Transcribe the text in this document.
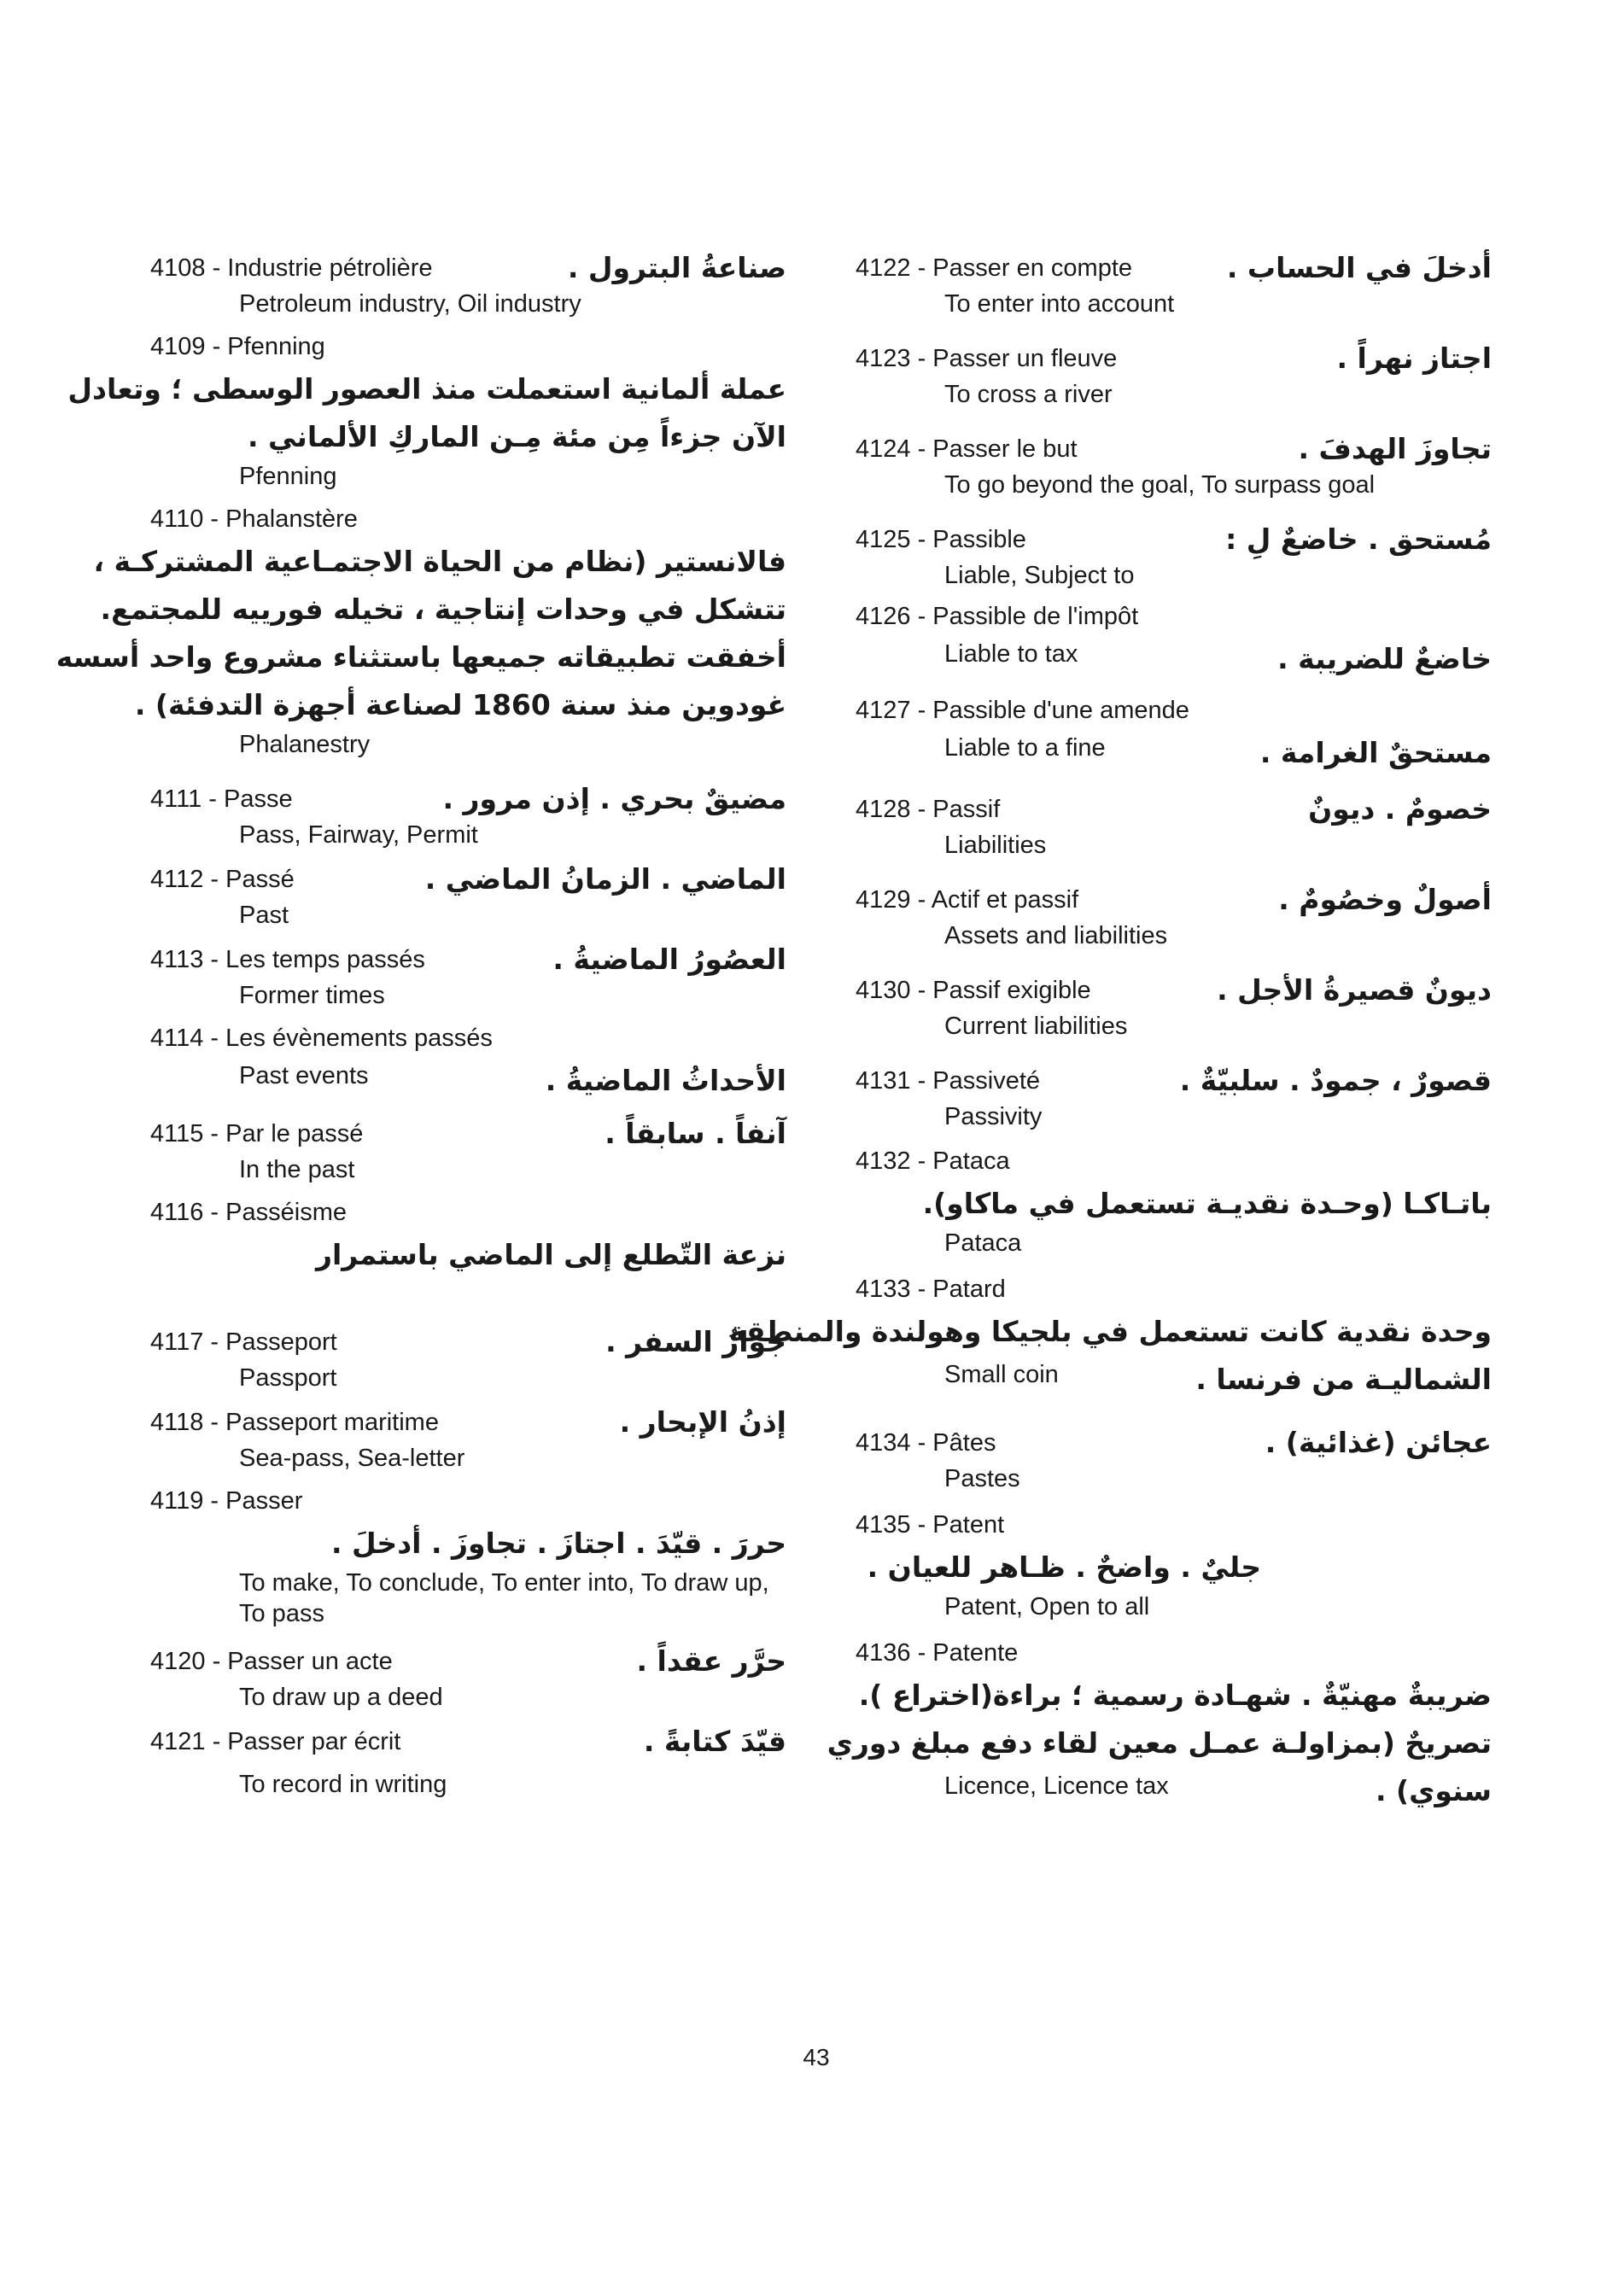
4108 - Industrie pétrolière	صناعةُ البترول .
Petroleum industry, Oil industry
4109 - Pfenning
عملة ألمانية استعملت منذ العصور الوسطى ؛ وتعادل
الآن جزءاً مِن مئة مِـن الماركِ الألماني .
Pfenning
4110 - Phalanstère
فالانستير (نظام من الحياة الاجتمـاعية المشتركـة ،
تتشكل في وحدات إنتاجية ، تخيله فورييه للمجتمع.
أخفقت تطبيقاته جميعها باستثناء مشروع واحد أسسه
غودوين منذ سنة 1860 لصناعة أجهزة التدفئة) .
Phalanestry
4111 - Passe	مضيقٌ بحري . إذن مرور .
Pass, Fairway, Permit
4112 - Passé	الماضي . الزمانُ الماضي .
Past
4113 - Les temps passés	العصُورُ الماضيةُ .
Former times
4114 - Les évènements passés
Past events	الأحداثُ الماضيةُ .
4115 - Par le passé	آنفاً . سابقاً .
In the past
4116 - Passéisme
نزعة التّطلع إلى الماضي باستمرار
4117 - Passeport	جوازُ السفر .
Passport
4118 - Passeport maritime	إذنُ الإبحار .
Sea-pass, Sea-letter
4119 - Passer
حررَ . قيّدَ . اجتازَ . تجاوزَ . أدخلَ .
To make, To conclude, To enter into, To draw up, To pass
4120 - Passer un acte	حرَّر عقداً .
To draw up a deed
4121 - Passer par écrit	قيّدَ كتابةً .
To record in writing
4122 - Passer en compte	أدخلَ في الحساب .
To enter into account
4123 - Passer un fleuve	اجتاز نهراً .
To cross a river
4124 - Passer le but	تجاوزَ الهدفَ .
To go beyond the goal, To surpass goal
4125 - Passible	مُستحق . خاضعٌ لِ :
Liable, Subject to
4126 - Passible de l'impôt
Liable to tax	خاضعٌ للضريبة .
4127 - Passible d'une amende
Liable to a fine	مستحقٌ الغرامة .
4128 - Passif	خصومٌ . ديونٌ
Liabilities
4129 - Actif et passif	أصولٌ وخصُومٌ .
Assets and liabilities
4130 - Passif exigible	ديونٌ قصيرةُ الأجل .
Current liabilities
4131 - Passiveté	قصورٌ ، جمودٌ . سلبيّةٌ .
Passivity
4132 - Pataca
باتـاكـا (وحـدة نقديـة تستعمل في ماكاو).
Pataca
4133 - Patard
وحدة نقدية كانت تستعمل في بلجيكا وهولندة والمنطقة
Small coin	الشماليـة من فرنسا .
4134 - Pâtes	عجائن (غذائية) .
Pastes
4135 - Patent
جليٌ . واضحٌ . ظـاهر للعيان .
Patent, Open to all
4136 - Patente
ضريبةٌ مهنيّةٌ . شهـادة رسمية ؛ براءة(اختراع ).
تصريحٌ (بمزاولـة عمـل معين لقاء دفع مبلغ دوري
Licence, Licence tax	سنوي) .
43
